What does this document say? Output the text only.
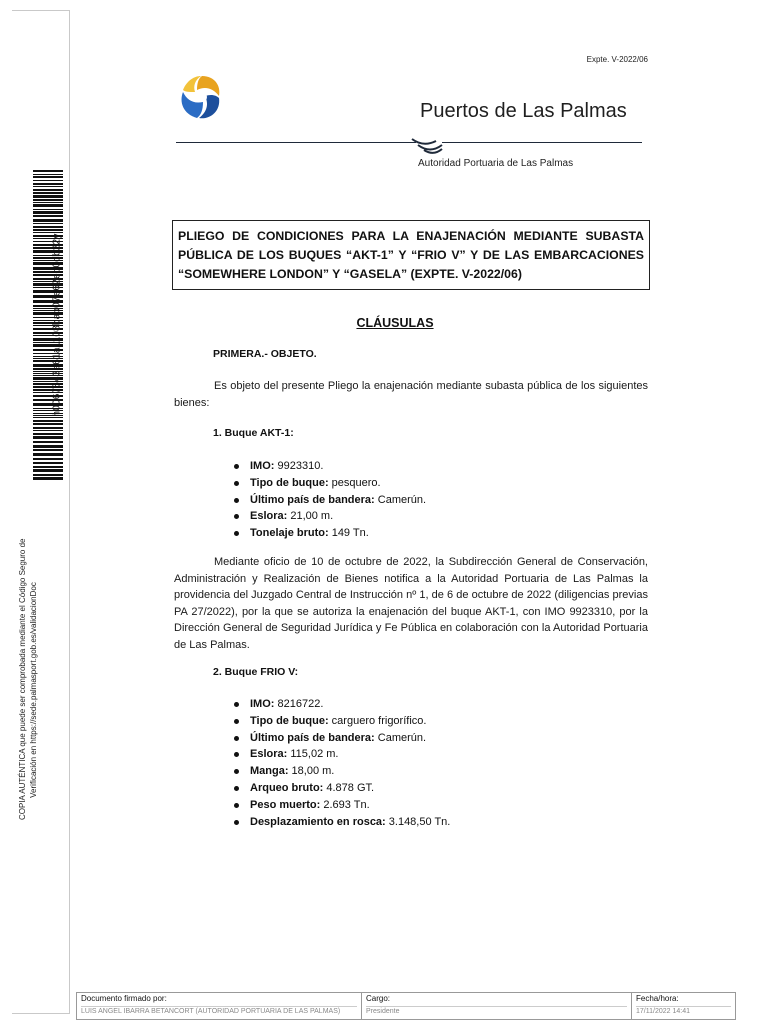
h0067543a61a1108bab07e62eb0db22y
COPIA AUTÉNTICA que puede ser comprobada mediante el Código Seguro de Verificación en https://sede.palmasport.gob.es/validacionDoc
Expte. V-2022/06
Puertos de Las Palmas
Autoridad Portuaria de Las Palmas
PLIEGO DE CONDICIONES PARA LA ENAJENACIÓN MEDIANTE SUBASTA PÚBLICA DE LOS BUQUES “AKT-1” Y “FRIO V” Y DE LAS EMBARCACIONES “SOMEWHERE LONDON” Y “GASELA” (EXPTE. V-2022/06)
CLÁUSULAS
PRIMERA.- OBJETO.
Es objeto del presente Pliego la enajenación mediante subasta pública de los siguientes bienes:
1. Buque AKT-1:
IMO: 9923310.
Tipo de buque: pesquero.
Último país de bandera: Camerún.
Eslora: 21,00 m.
Tonelaje bruto: 149 Tn.
Mediante oficio de 10 de octubre de 2022, la Subdirección General de Conservación, Administración y Realización de Bienes notifica a la Autoridad Portuaria de Las Palmas la providencia del Juzgado Central de Instrucción nº 1, de 6 de octubre de 2022 (diligencias previas PA 27/2022), por la que se autoriza la enajenación del buque AKT-1, con IMO 9923310, por la Dirección General de Seguridad Jurídica y Fe Pública en colaboración con la Autoridad Portuaria de Las Palmas.
2. Buque FRIO V:
IMO: 8216722.
Tipo de buque: carguero frigorífico.
Último país de bandera: Camerún.
Eslora: 115,02 m.
Manga: 18,00 m.
Arqueo bruto: 4.878 GT.
Peso muerto: 2.693 Tn.
Desplazamiento en rosca: 3.148,50 Tn.
Documento firmado por:
LUIS ANGEL IBARRA BETANCORT (AUTORIDAD PORTUARIA DE LAS PALMAS)
Cargo:
Presidente
Fecha/hora:
17/11/2022 14:41
